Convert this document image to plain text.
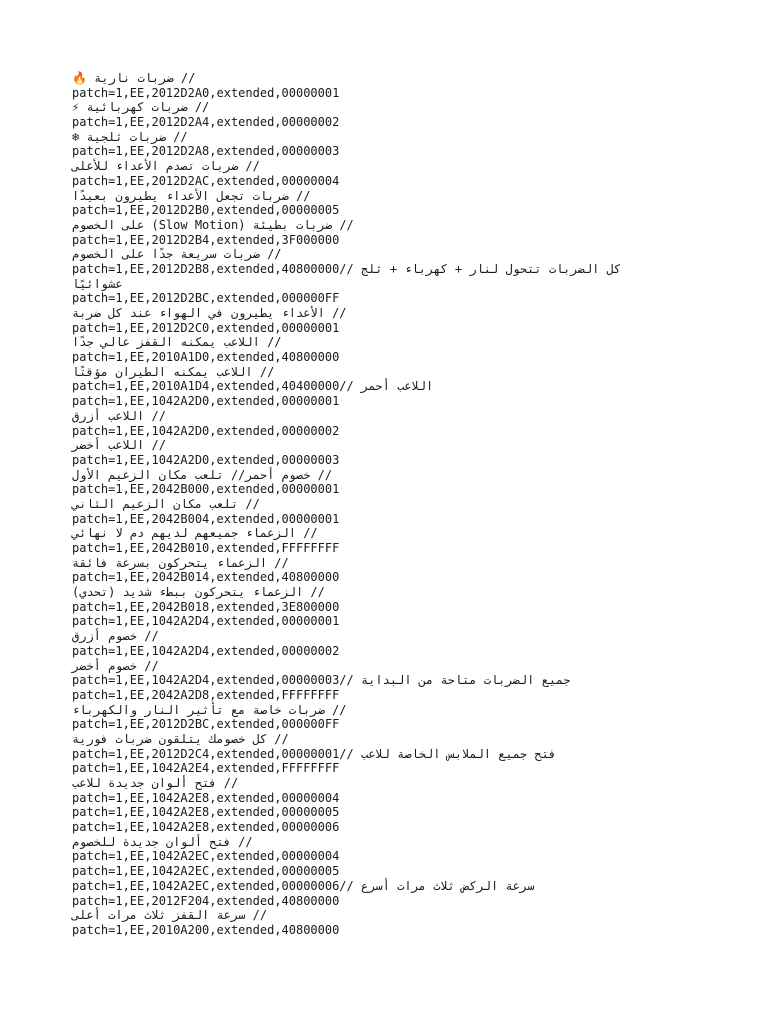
// ضربات نارية 🔥
patch=1,EE,2012D2A0,extended,00000001
// ضربات كهربائية ⚡
patch=1,EE,2012D2A4,extended,00000002
// ضربات ثلجية ❄
patch=1,EE,2012D2A8,extended,00000003
// ضربات تصدم الأعداء للأعلى
patch=1,EE,2012D2AC,extended,00000004
// ضربات تجعل الأعداء يطيرون بعيدًا
patch=1,EE,2012D2B0,extended,00000005
// ضربات بطيئة (Slow Motion) على الخصوم
patch=1,EE,2012D2B4,extended,3F000000
// ضربات سريعة جدًا على الخصوم
patch=1,EE,2012D2B8,extended,40800000// كل الضربات تتحول لنار + كهرباء + ثلج
عشوائيًا
patch=1,EE,2012D2BC,extended,000000FF
// الأعداء يطيرون في الهواء عند كل ضربة
patch=1,EE,2012D2C0,extended,00000001
// اللاعب يمكنه القفز عالي جدًا
patch=1,EE,2010A1D0,extended,40800000
// اللاعب يمكنه الطيران مؤقتًا
patch=1,EE,2010A1D4,extended,40400000// اللاعب أحمر
patch=1,EE,1042A2D0,extended,00000001
// اللاعب أزرق
patch=1,EE,1042A2D0,extended,00000002
// اللاعب أخضر
patch=1,EE,1042A2D0,extended,00000003
// خصوم أحمر// تلعب مكان الزعيم الأول
patch=1,EE,2042B000,extended,00000001
// تلعب مكان الزعيم الثاني
patch=1,EE,2042B004,extended,00000001
// الزعماء جميعهم لديهم دم لا نهائي
patch=1,EE,2042B010,extended,FFFFFFFF
// الزعماء يتحركون بسرعة فائقة
patch=1,EE,2042B014,extended,40800000
// الزعماء يتحركون ببطء شديد (تحدي)
patch=1,EE,2042B018,extended,3E800000
patch=1,EE,1042A2D4,extended,00000001
// خصوم أزرق
patch=1,EE,1042A2D4,extended,00000002
// خصوم أخضر
patch=1,EE,1042A2D4,extended,00000003// جميع الضربات متاحة من البداية
patch=1,EE,2042A2D8,extended,FFFFFFFF
// ضربات خاصة مع تأثير النار والكهرباء
patch=1,EE,2012D2BC,extended,000000FF
// كل خصومك يتلقون ضربات فورية
patch=1,EE,2012D2C4,extended,00000001// فتح جميع الملابس الخاصة للاعب
patch=1,EE,1042A2E4,extended,FFFFFFFF
// فتح ألوان جديدة للاعب
patch=1,EE,1042A2E8,extended,00000004
patch=1,EE,1042A2E8,extended,00000005
patch=1,EE,1042A2E8,extended,00000006
// فتح ألوان جديدة للخصوم
patch=1,EE,1042A2EC,extended,00000004
patch=1,EE,1042A2EC,extended,00000005
patch=1,EE,1042A2EC,extended,00000006// سرعة الركض ثلاث مرات أسرع
patch=1,EE,2012F204,extended,40800000
// سرعة القفز ثلاث مرات أعلى
patch=1,EE,2010A200,extended,40800000
